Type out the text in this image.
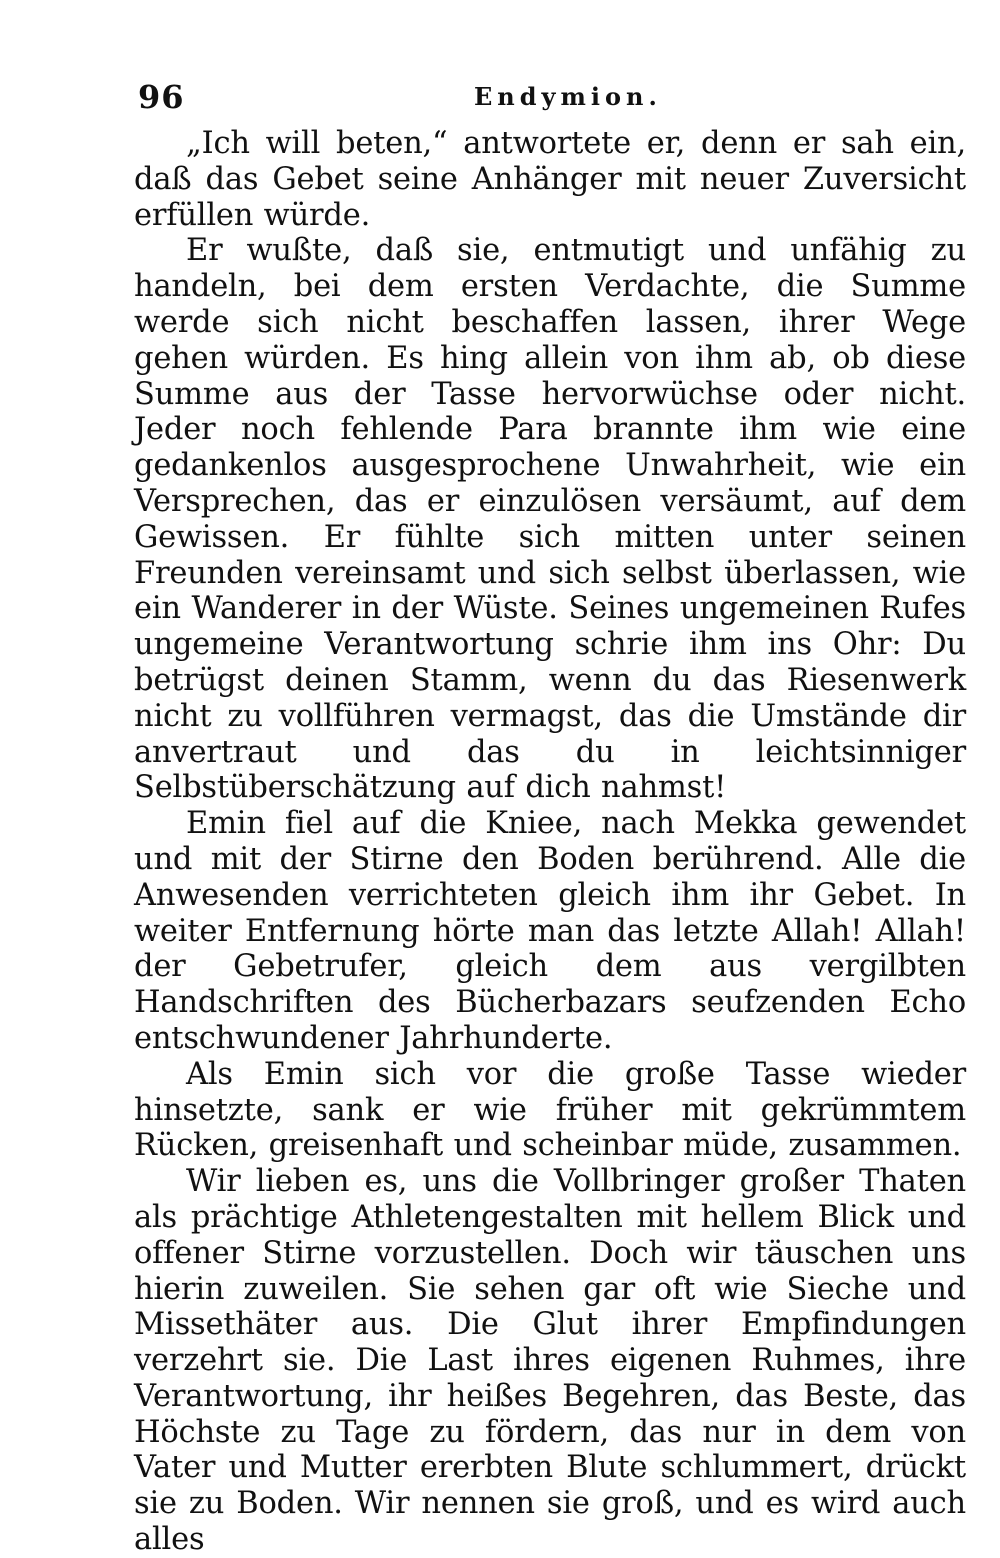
96	Endymion.

„Ich will beten,“ antwortete er, denn er sah ein, daß das Gebet seine Anhänger mit neuer Zuversicht erfüllen würde.

Er wußte, daß sie, entmutigt und unfähig zu handeln, bei dem ersten Verdachte, die Summe werde sich nicht beschaffen lassen, ihrer Wege gehen würden. Es hing allein von ihm ab, ob diese Summe aus der Tasse hervorwüchse oder nicht. Jeder noch fehlende Para brannte ihm wie eine gedankenlos ausgesprochene Unwahrheit, wie ein Versprechen, das er einzulösen versäumt, auf dem Gewissen. Er fühlte sich mitten unter seinen Freunden vereinsamt und sich selbst überlassen, wie ein Wanderer in der Wüste. Seines ungemeinen Rufes ungemeine Verantwortung schrie ihm ins Ohr: Du betrügst deinen Stamm, wenn du das Riesenwerk nicht zu vollführen vermagst, das die Umstände dir anvertraut und das du in leichtsinniger Selbstüberschätzung auf dich nahmst!

Emin fiel auf die Kniee, nach Mekka gewendet und mit der Stirne den Boden berührend. Alle die Anwesenden verrichteten gleich ihm ihr Gebet. In weiter Entfernung hörte man das letzte Allah! Allah! der Gebetrufer, gleich dem aus vergilbten Handschriften des Bücherbazars seufzenden Echo entschwundener Jahrhunderte.

Als Emin sich vor die große Tasse wieder hinsetzte, sank er wie früher mit gekrümmtem Rücken, greisenhaft und scheinbar müde, zusammen.

Wir lieben es, uns die Vollbringer großer Thaten als prächtige Athletengestalten mit hellem Blick und offener Stirne vorzustellen. Doch wir täuschen uns hierin zuweilen. Sie sehen gar oft wie Sieche und Missethäter aus. Die Glut ihrer Empfindungen verzehrt sie. Die Last ihres eigenen Ruhmes, ihre Verantwortung, ihr heißes Begehren, das Beste, das Höchste zu Tage zu fördern, das nur in dem von Vater und Mutter ererbten Blute schlummert, drückt sie zu Boden. Wir nennen sie groß, und es wird auch alles
